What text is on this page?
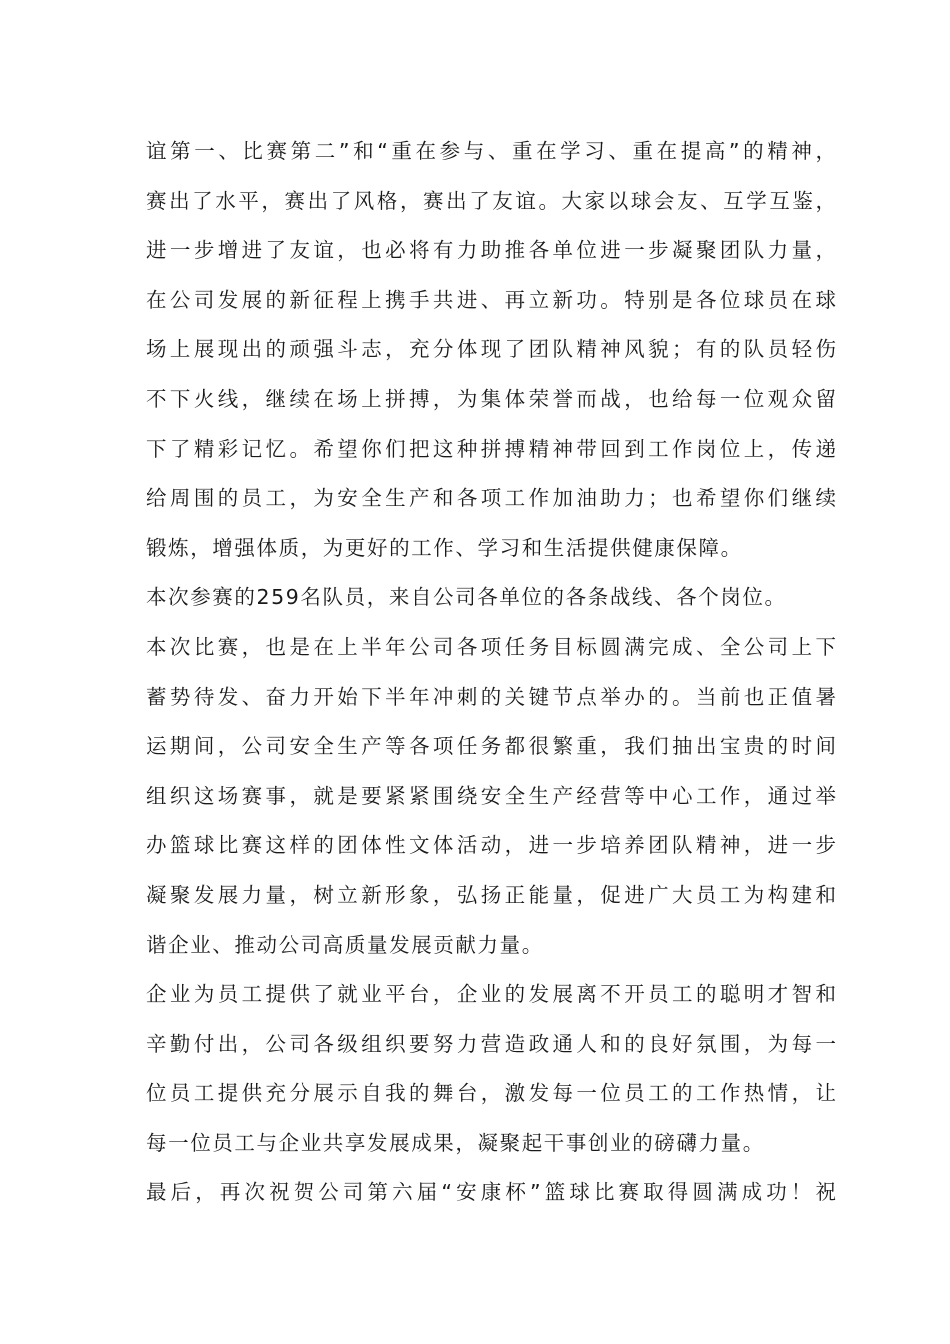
谊第一、比赛第二”和“重在参与、重在学习、重在提高”的精神，
赛出了水平，赛出了风格，赛出了友谊。大家以球会友、互学互鉴，
进一步增进了友谊，也必将有力助推各单位进一步凝聚团队力量，
在公司发展的新征程上携手共进、再立新功。特别是各位球员在球
场上展现出的顽强斗志，充分体现了团队精神风貌；有的队员轻伤
不下火线，继续在场上拼搏，为集体荣誉而战，也给每一位观众留
下了精彩记忆。希望你们把这种拼搏精神带回到工作岗位上，传递
给周围的员工，为安全生产和各项工作加油助力；也希望你们继续
锻炼，增强体质，为更好的工作、学习和生活提供健康保障。
本次参赛的259名队员，来自公司各单位的各条战线、各个岗位。
本次比赛，也是在上半年公司各项任务目标圆满完成、全公司上下
蓄势待发、奋力开始下半年冲刺的关键节点举办的。当前也正值暑
运期间，公司安全生产等各项任务都很繁重，我们抽出宝贵的时间
组织这场赛事，就是要紧紧围绕安全生产经营等中心工作，通过举
办篮球比赛这样的团体性文体活动，进一步培养团队精神，进一步
凝聚发展力量，树立新形象，弘扬正能量，促进广大员工为构建和
谐企业、推动公司高质量发展贡献力量。
企业为员工提供了就业平台，企业的发展离不开员工的聪明才智和
辛勤付出，公司各级组织要努力营造政通人和的良好氛围，为每一
位员工提供充分展示自我的舞台，激发每一位员工的工作热情，让
每一位员工与企业共享发展成果，凝聚起干事创业的磅礴力量。
最后，再次祝贺公司第六届“安康杯”篮球比赛取得圆满成功！祝
